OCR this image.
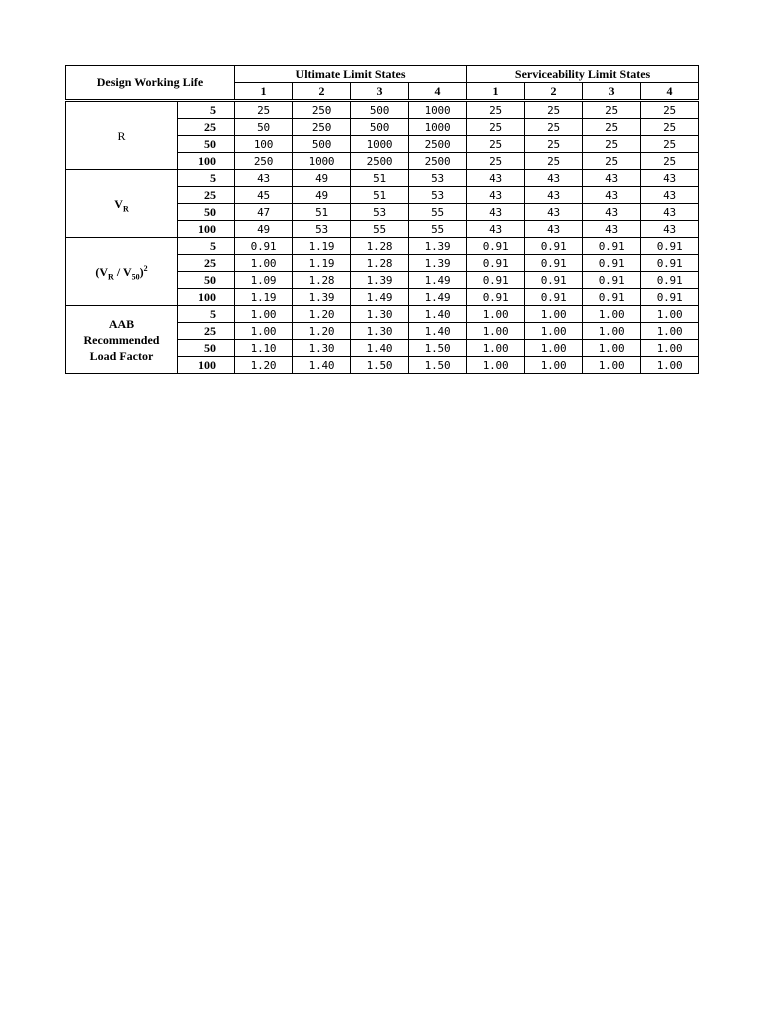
Design Working Life		Ultimate Limit States				Serviceability Limit States			
		1	2	3	4	1	2	3	4
R	5	25	250	500	1000	25	25	25	25
	25	50	250	500	1000	25	25	25	25
	50	100	500	1000	2500	25	25	25	25
	100	250	1000	2500	2500	25	25	25	25
$V_R$	5	43	49	51	53	43	43	43	43
	25	45	49	51	53	43	43	43	43
	50	47	51	53	55	43	43	43	43
	100	49	53	55	55	43	43	43	43
$(V_R / V_{50})^2$	5	0.91	1.19	1.28	1.39	0.91	0.91	0.91	0.91
	25	1.00	1.19	1.28	1.39	0.91	0.91	0.91	0.91
	50	1.09	1.28	1.39	1.49	0.91	0.91	0.91	0.91
	100	1.19	1.39	1.49	1.49	0.91	0.91	0.91	0.91

AAB
Recommended
Load Factor	5	1.00	1.20	1.30	1.40	1.00	1.00	1.00	1.00
	25	1.00	1.20	1.30	1.40	1.00	1.00	1.00	1.00
	50	1.10	1.30	1.40	1.50	1.00	1.00	1.00	1.00
	100	1.20	1.40	1.50	1.50	1.00	1.00	1.00	1.00
